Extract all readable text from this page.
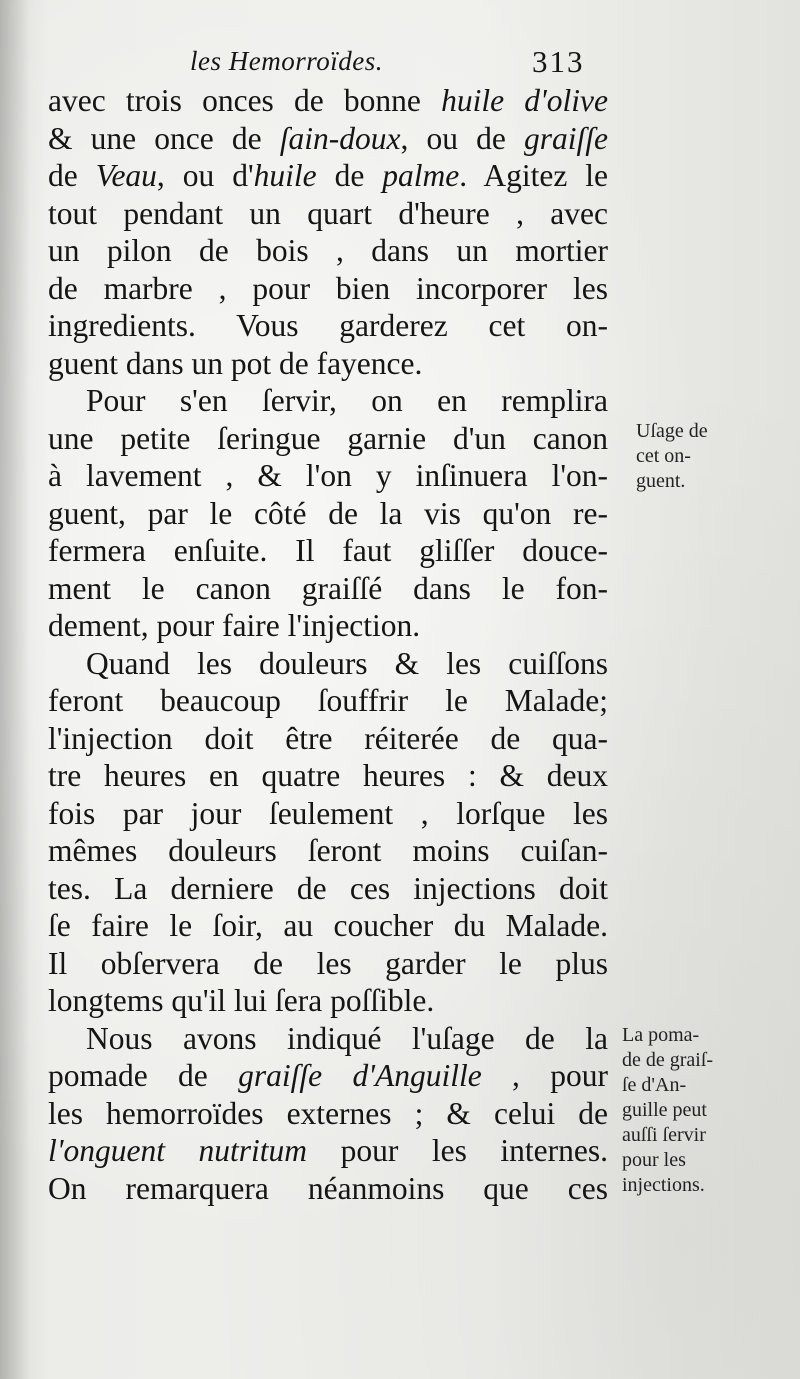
les Hemorroïdes.	313
avec trois onces de bonne huile d'olive
& une once de ſain-doux, ou de graiſſe
de Veau, ou d'huile de palme. Agitez le
tout pendant un quart d'heure , avec
un pilon de bois , dans un mortier
de marbre , pour bien incorporer les
ingredients. Vous garderez cet on-
guent dans un pot de fayence.
Pour s'en ſervir, on en remplira
une petite ſeringue garnie d'un canon
à lavement , & l'on y inſinuera l'on-
guent, par le côté de la vis qu'on re-
fermera enſuite. Il faut gliſſer douce-
ment le canon graiſſé dans le fon-
dement, pour faire l'injection.
Quand les douleurs & les cuiſſons
feront beaucoup ſouffrir le Malade;
l'injection doit être réiterée de qua-
tre heures en quatre heures : & deux
fois par jour ſeulement , lorſque les
mêmes douleurs ſeront moins cuiſan-
tes. La derniere de ces injections doit
ſe faire le ſoir, au coucher du Malade.
Il obſervera de les garder le plus
longtems qu'il lui ſera poſſible.
Nous avons indiqué l'uſage de la
pomade de graiſſe d'Anguille , pour
les hemorroïdes externes ; & celui de
l'onguent nutritum pour les internes.
On remarquera néanmoins que ces
Uſage de
cet on-
guent.
La poma-
de de graiſ-
ſe d'An-
guille peut
auſſi ſervir
pour les
injections.
